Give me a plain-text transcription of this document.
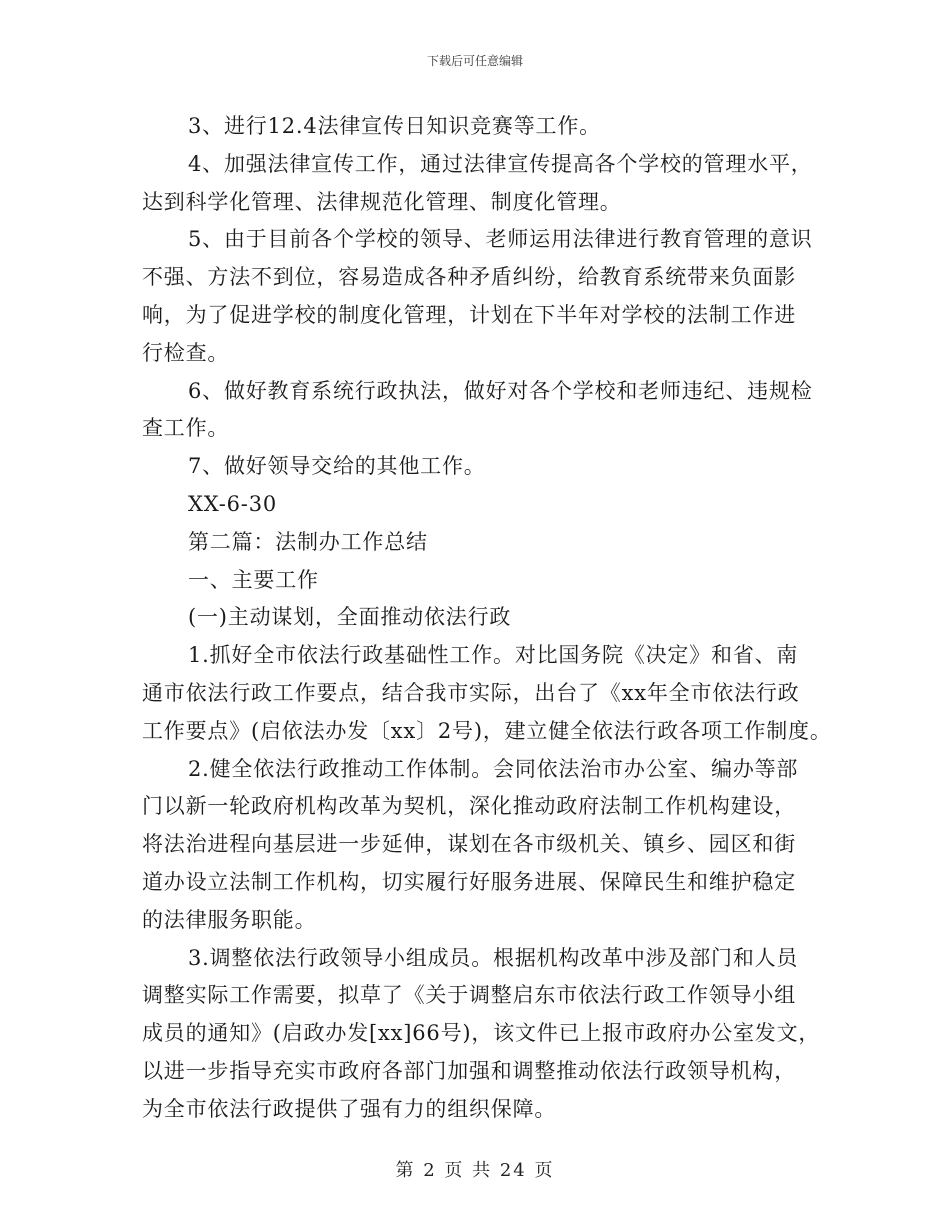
下载后可任意编辑
3、进行12.4法律宣传日知识竞赛等工作。
4、加强法律宣传工作，通过法律宣传提高各个学校的管理水平，
达到科学化管理、法律规范化管理、制度化管理。
5、由于目前各个学校的领导、老师运用法律进行教育管理的意识
不强、方法不到位，容易造成各种矛盾纠纷，给教育系统带来负面影
响，为了促进学校的制度化管理，计划在下半年对学校的法制工作进
行检查。
6、做好教育系统行政执法，做好对各个学校和老师违纪、违规检
查工作。
7、做好领导交给的其他工作。
XX-6-30
第二篇：法制办工作总结
一、主要工作
(一)主动谋划，全面推动依法行政
1.抓好全市依法行政基础性工作。对比国务院《决定》和省、南
通市依法行政工作要点，结合我市实际，出台了《xx年全市依法行政
工作要点》(启依法办发〔xx〕2号)，建立健全依法行政各项工作制度。
2.健全依法行政推动工作体制。会同依法治市办公室、编办等部
门以新一轮政府机构改革为契机，深化推动政府法制工作机构建设，
将法治进程向基层进一步延伸，谋划在各市级机关、镇乡、园区和街
道办设立法制工作机构，切实履行好服务进展、保障民生和维护稳定
的法律服务职能。
3.调整依法行政领导小组成员。根据机构改革中涉及部门和人员
调整实际工作需要，拟草了《关于调整启东市依法行政工作领导小组
成员的通知》(启政办发[xx]66号)，该文件已上报市政府办公室发文，
以进一步指导充实市政府各部门加强和调整推动依法行政领导机构，
为全市依法行政提供了强有力的组织保障。
第 2 页 共 24 页
